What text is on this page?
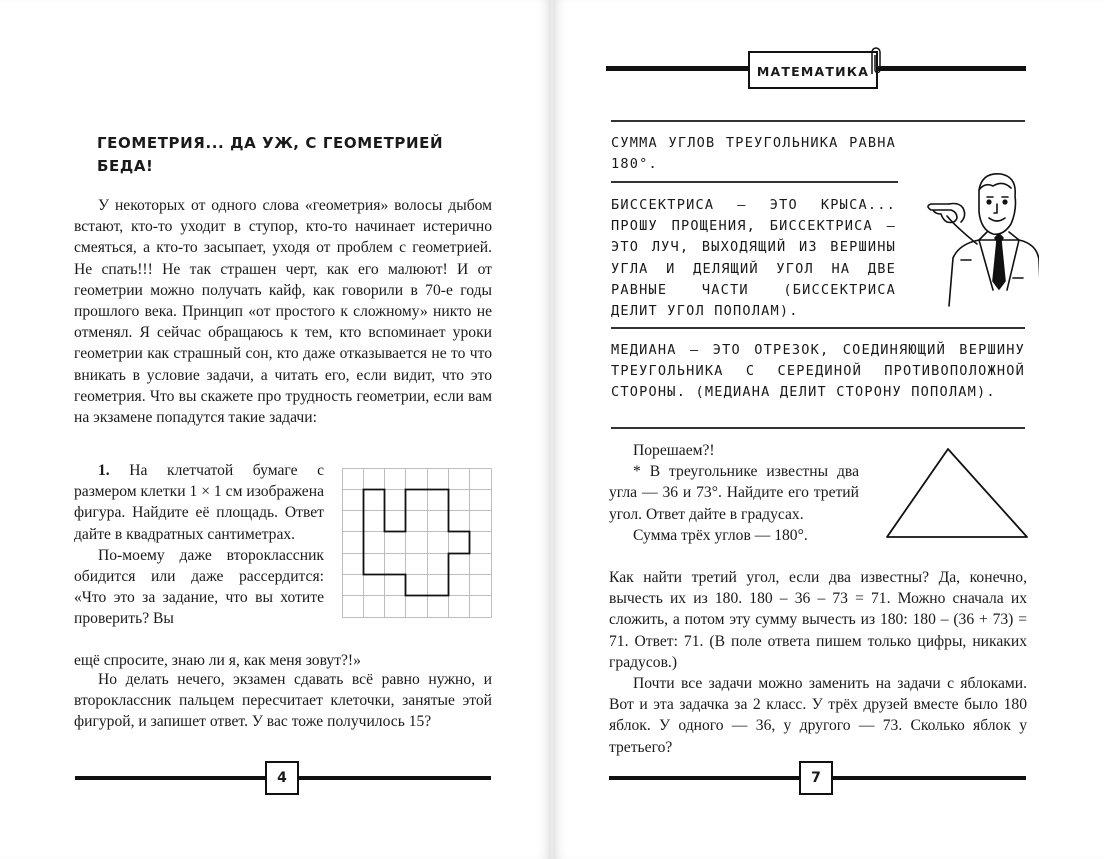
ГЕОМЕТРИЯ... ДА УЖ, С ГЕОМЕТРИЕЙ БЕДА!

У некоторых от одного слова «геометрия» волосы дыбом встают, кто-то уходит в ступор, кто-то начинает истерично смеяться, а кто-то засыпает, уходя от проблем с геометрией. Не спать!!! Не так страшен черт, как его малюют! И от геометрии можно получать кайф, как говорили в 70-е годы прошлого века. Принцип «от простого к сложному» никто не отменял. Я сейчас обращаюсь к тем, кто вспоминает уроки геометрии как страшный сон, кто даже отказывается не то что вникать в условие задачи, а читать его, если видит, что это геометрия. Что вы скажете про трудность геометрии, если вам на экзамене попадутся такие задачи:

1. На клетчатой бумаге с размером клетки 1 × 1 см изображена фигура. Найдите её площадь. Ответ дайте в квадратных сантиметрах.

По-моему даже второклассник обидится или даже рассердится: «Что это за задание, что вы хотите проверить? Вы

ещё спросите, знаю ли я, как меня зовут?!»

Но делать нечего, экзамен сдавать всё равно нужно, и второклассник пальцем пересчитает клеточки, занятые этой фигурой, и запишет ответ. У вас тоже получилось 15?

4
МАТЕМАТИКА
СУММА УГЛОВ ТРЕУГОЛЬНИКА РАВНА 180°.
БИССЕКТРИСА — ЭТО КРЫСА... ПРОШУ ПРОЩЕНИЯ, БИССЕКТРИСА — ЭТО ЛУЧ, ВЫХОДЯЩИЙ ИЗ ВЕРШИНЫ УГЛА И ДЕЛЯЩИЙ УГОЛ НА ДВЕ РАВНЫЕ ЧАСТИ (БИССЕКТРИСА ДЕЛИТ УГОЛ ПОПОЛАМ).
МЕДИАНА — ЭТО ОТРЕЗОК, СОЕДИНЯЮЩИЙ ВЕРШИНУ ТРЕУГОЛЬНИКА С СЕРЕДИНОЙ ПРОТИВОПОЛОЖНОЙ СТОРОНЫ. (МЕДИАНА ДЕЛИТ СТОРОНУ ПОПОЛАМ).

Порешаем?!

* В треугольнике известны два угла — 36 и 73°. Найдите его третий угол. Ответ дайте в градусах.

Сумма трёх углов — 180°.

Как найти третий угол, если два известны? Да, конечно, вычесть их из 180. 180 – 36 – 73 = 71. Можно сначала их сложить, а потом эту сумму вычесть из 180: 180 – (36 + 73) = 71. Ответ: 71. (В поле ответа пишем только цифры, никаких градусов.)

Почти все задачи можно заменить на задачи с яблоками. Вот и эта задачка за 2 класс. У трёх друзей вместе было 180 яблок. У одного — 36, у другого — 73. Сколько яблок у третьего?

7
